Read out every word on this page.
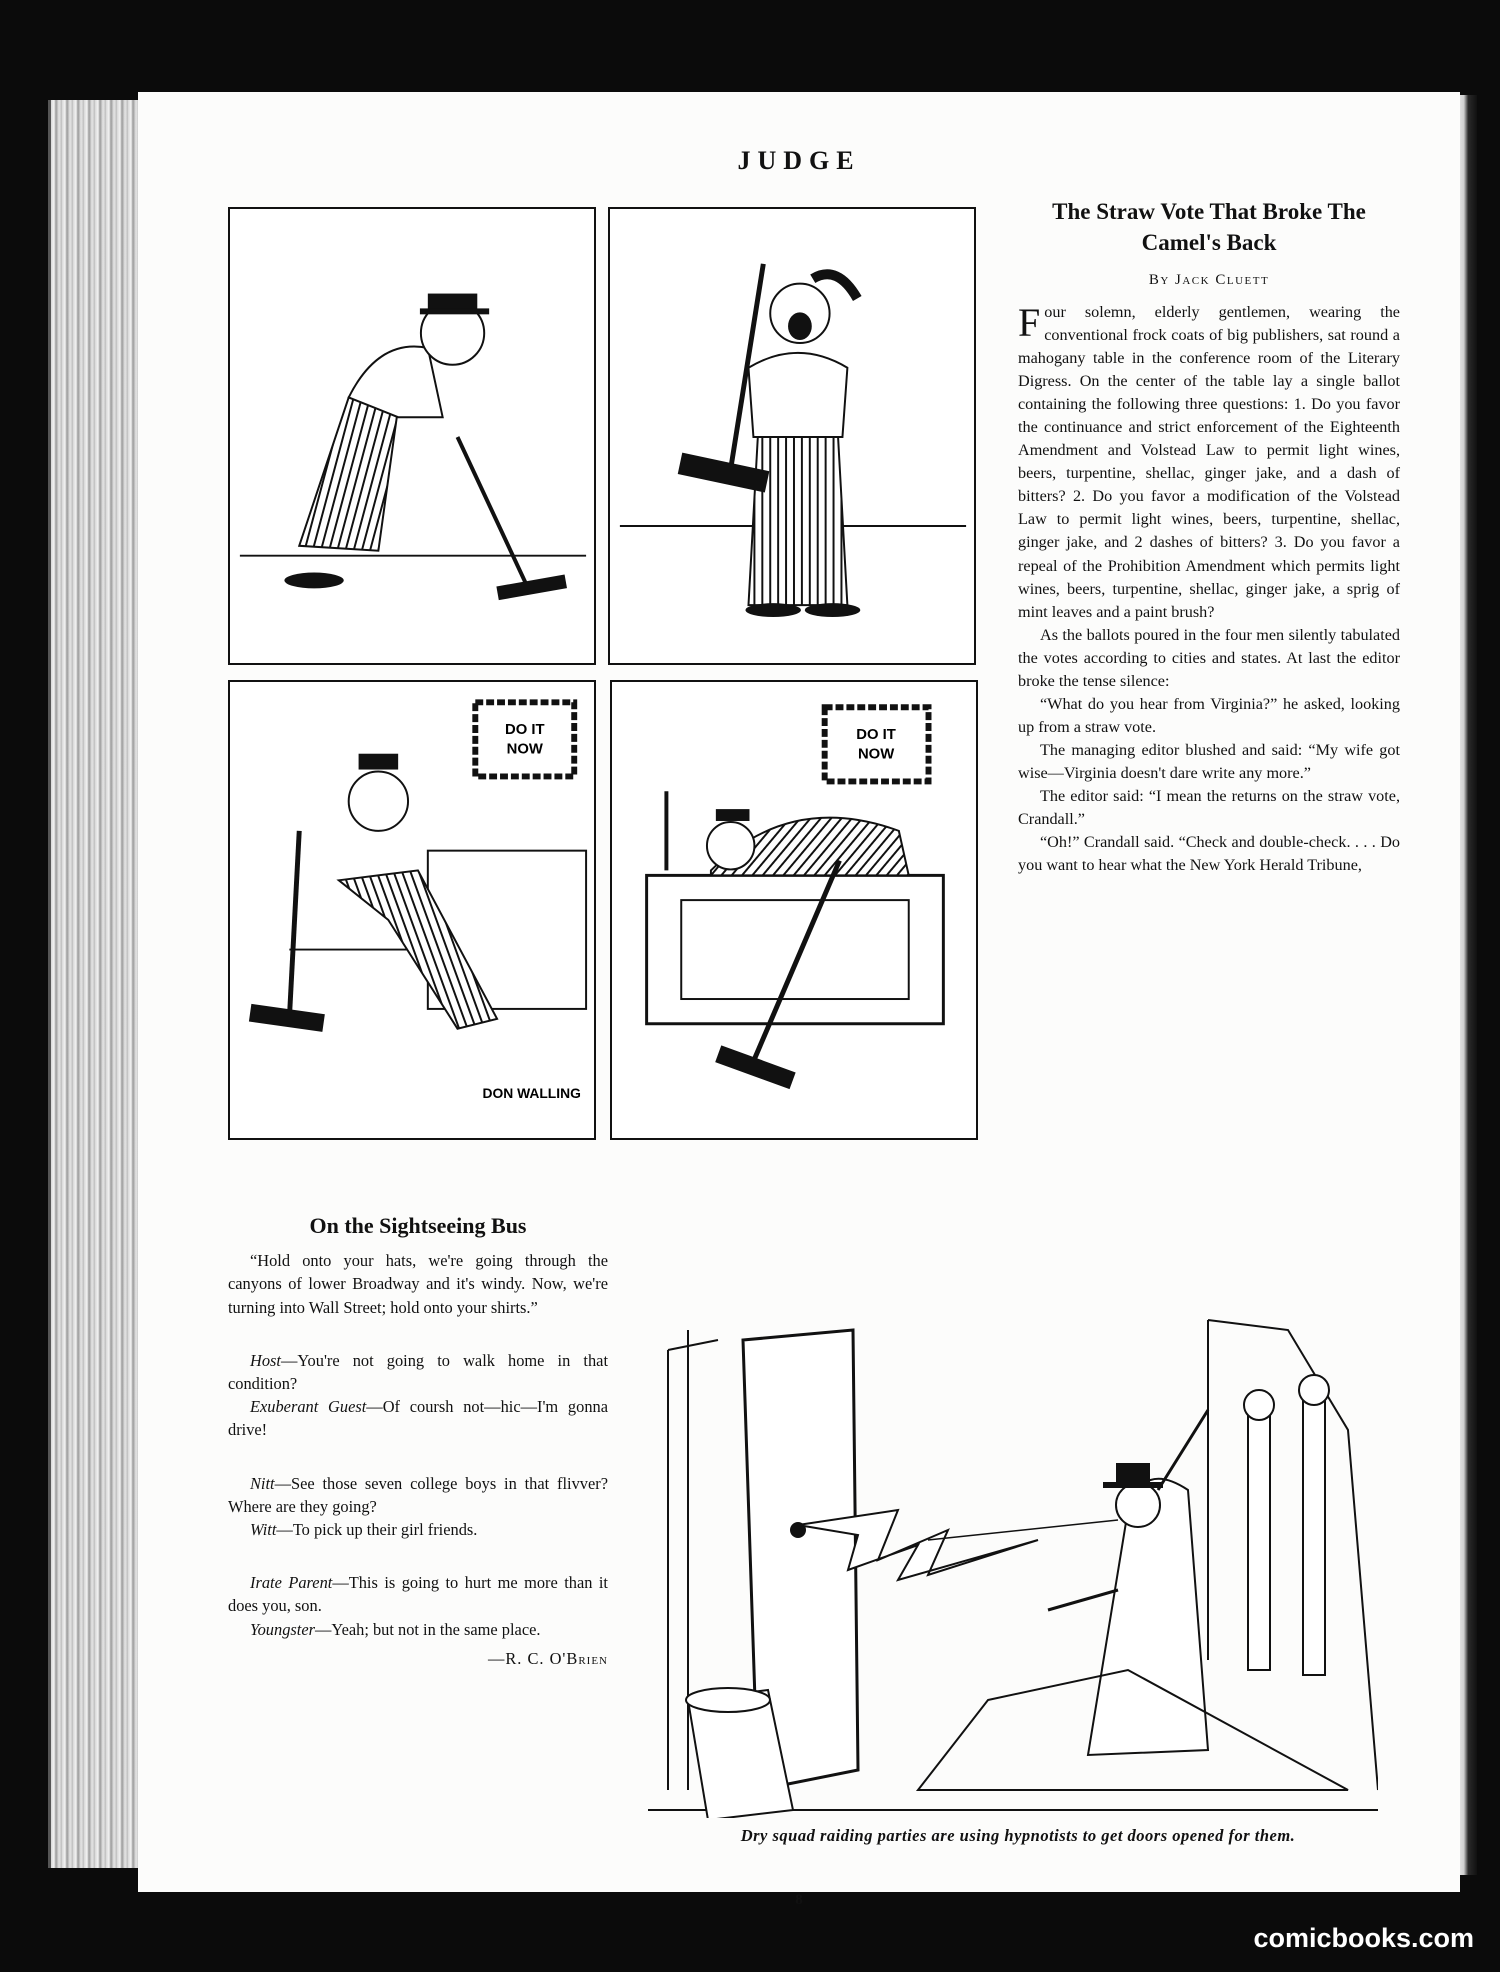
JUDGE
DO IT
NOW
DON WALLING
DO IT
NOW
The Straw Vote That Broke The Camel's Back
By Jack Cluett

Four solemn, elderly gentlemen, wearing the conventional frock coats of big publishers, sat round a mahogany table in the conference room of the Literary Digress. On the center of the table lay a single ballot containing the following three questions: 1. Do you favor the continuance and strict enforcement of the Eighteenth Amendment and Volstead Law to permit light wines, beers, turpentine, shellac, ginger jake, and a dash of bitters? 2. Do you favor a modification of the Volstead Law to permit light wines, beers, turpentine, shellac, ginger jake, and 2 dashes of bitters? 3. Do you favor a repeal of the Prohibition Amendment which permits light wines, beers, turpentine, shellac, ginger jake, a sprig of mint leaves and a paint brush?

As the ballots poured in the four men silently tabulated the votes according to cities and states. At last the editor broke the tense silence:

“What do you hear from Virginia?” he asked, looking up from a straw vote.

The managing editor blushed and said: “My wife got wise—Virginia doesn't dare write any more.”

The editor said: “I mean the returns on the straw vote, Crandall.”

“Oh!” Crandall said. “Check and double-check. . . . Do you want to hear what the New York Herald Tribune,

On the Sightseeing Bus

“Hold onto your hats, we're going through the canyons of lower Broadway and it's windy. Now, we're turning into Wall Street; hold onto your shirts.”

Host—You're not going to walk home in that condition?

Exuberant Guest—Of coursh not—hic—I'm gonna drive!

Nitt—See those seven college boys in that flivver? Where are they going?

Witt—To pick up their girl friends.

Irate Parent—This is going to hurt me more than it does you, son.

Youngster—Yeah; but not in the same place.

—R. C. O'Brien
Dry squad raiding parties are using hypnotists to get doors opened for them.
8
comicbooks.com
